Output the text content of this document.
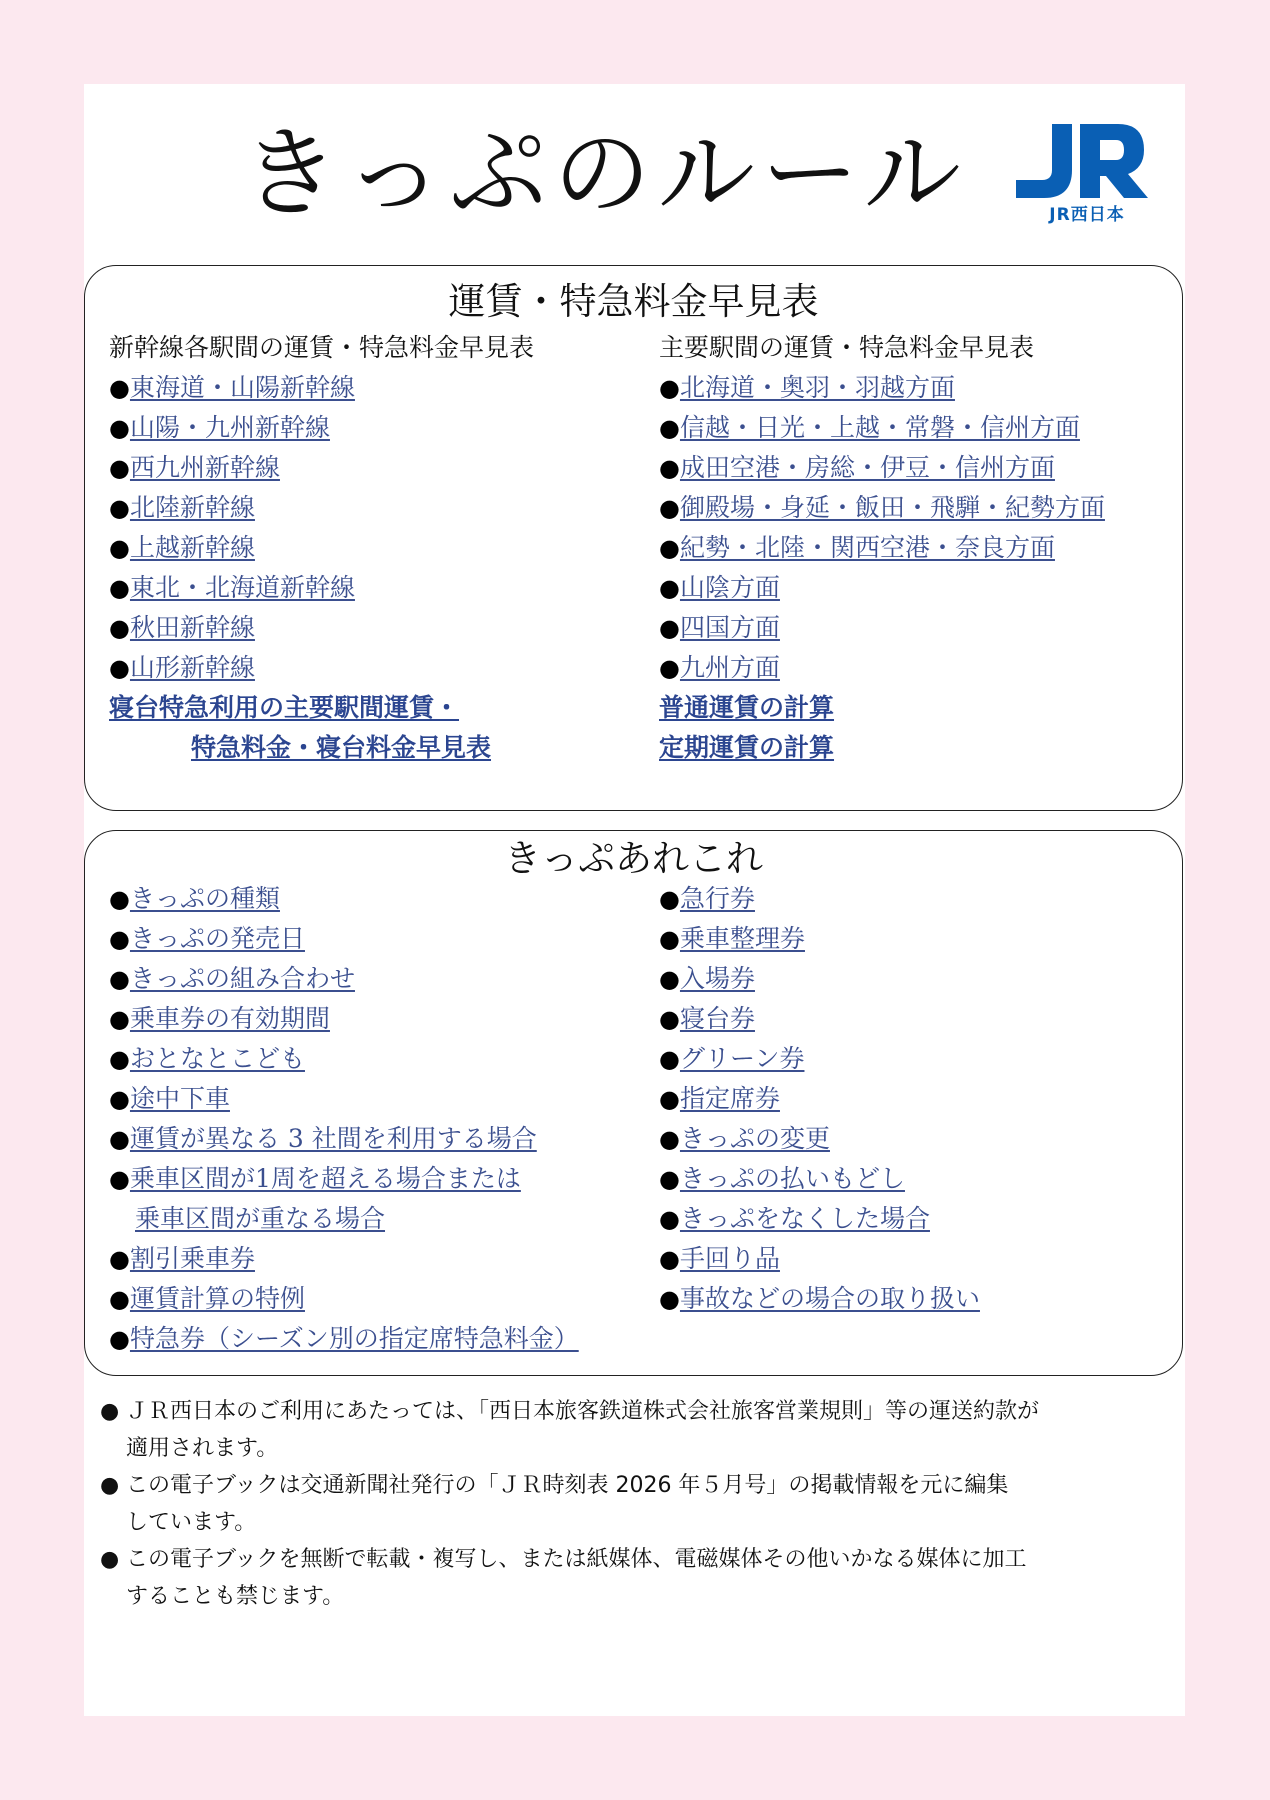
きっぷのルール	JR西日本
運賃・特急料金早見表
新幹線各駅間の運賃・特急料金早見表
●東海道・山陽新幹線
●山陽・九州新幹線
●西九州新幹線
●北陸新幹線
●上越新幹線
●東北・北海道新幹線
●秋田新幹線
●山形新幹線
寝台特急利用の主要駅間運賃・
特急料金・寝台料金早見表
主要駅間の運賃・特急料金早見表
●北海道・奥羽・羽越方面
●信越・日光・上越・常磐・信州方面
●成田空港・房総・伊豆・信州方面
●御殿場・身延・飯田・飛騨・紀勢方面
●紀勢・北陸・関西空港・奈良方面
●山陰方面
●四国方面
●九州方面
普通運賃の計算
定期運賃の計算
きっぷあれこれ
●きっぷの種類
●きっぷの発売日
●きっぷの組み合わせ
●乗車券の有効期間
●おとなとこども
●途中下車
●運賃が異なる 3 社間を利用する場合
●乗車区間が1周を超える場合または
乗車区間が重なる場合
●割引乗車券
●運賃計算の特例
●特急券（シーズン別の指定席特急料金）
●急行券
●乗車整理券
●入場券
●寝台券
●グリーン券
●指定席券
●きっぷの変更
●きっぷの払いもどし
●きっぷをなくした場合
●手回り品
●事故などの場合の取り扱い
● ＪＲ西日本のご利用にあたっては、「西日本旅客鉄道株式会社旅客営業規則」等の運送約款が
適用されます。
● この電子ブックは交通新聞社発行の「ＪＲ時刻表 2026 年５月号」の掲載情報を元に編集
しています。
● この電子ブックを無断で転載・複写し、または紙媒体、電磁媒体その他いかなる媒体に加工
することも禁じます。
